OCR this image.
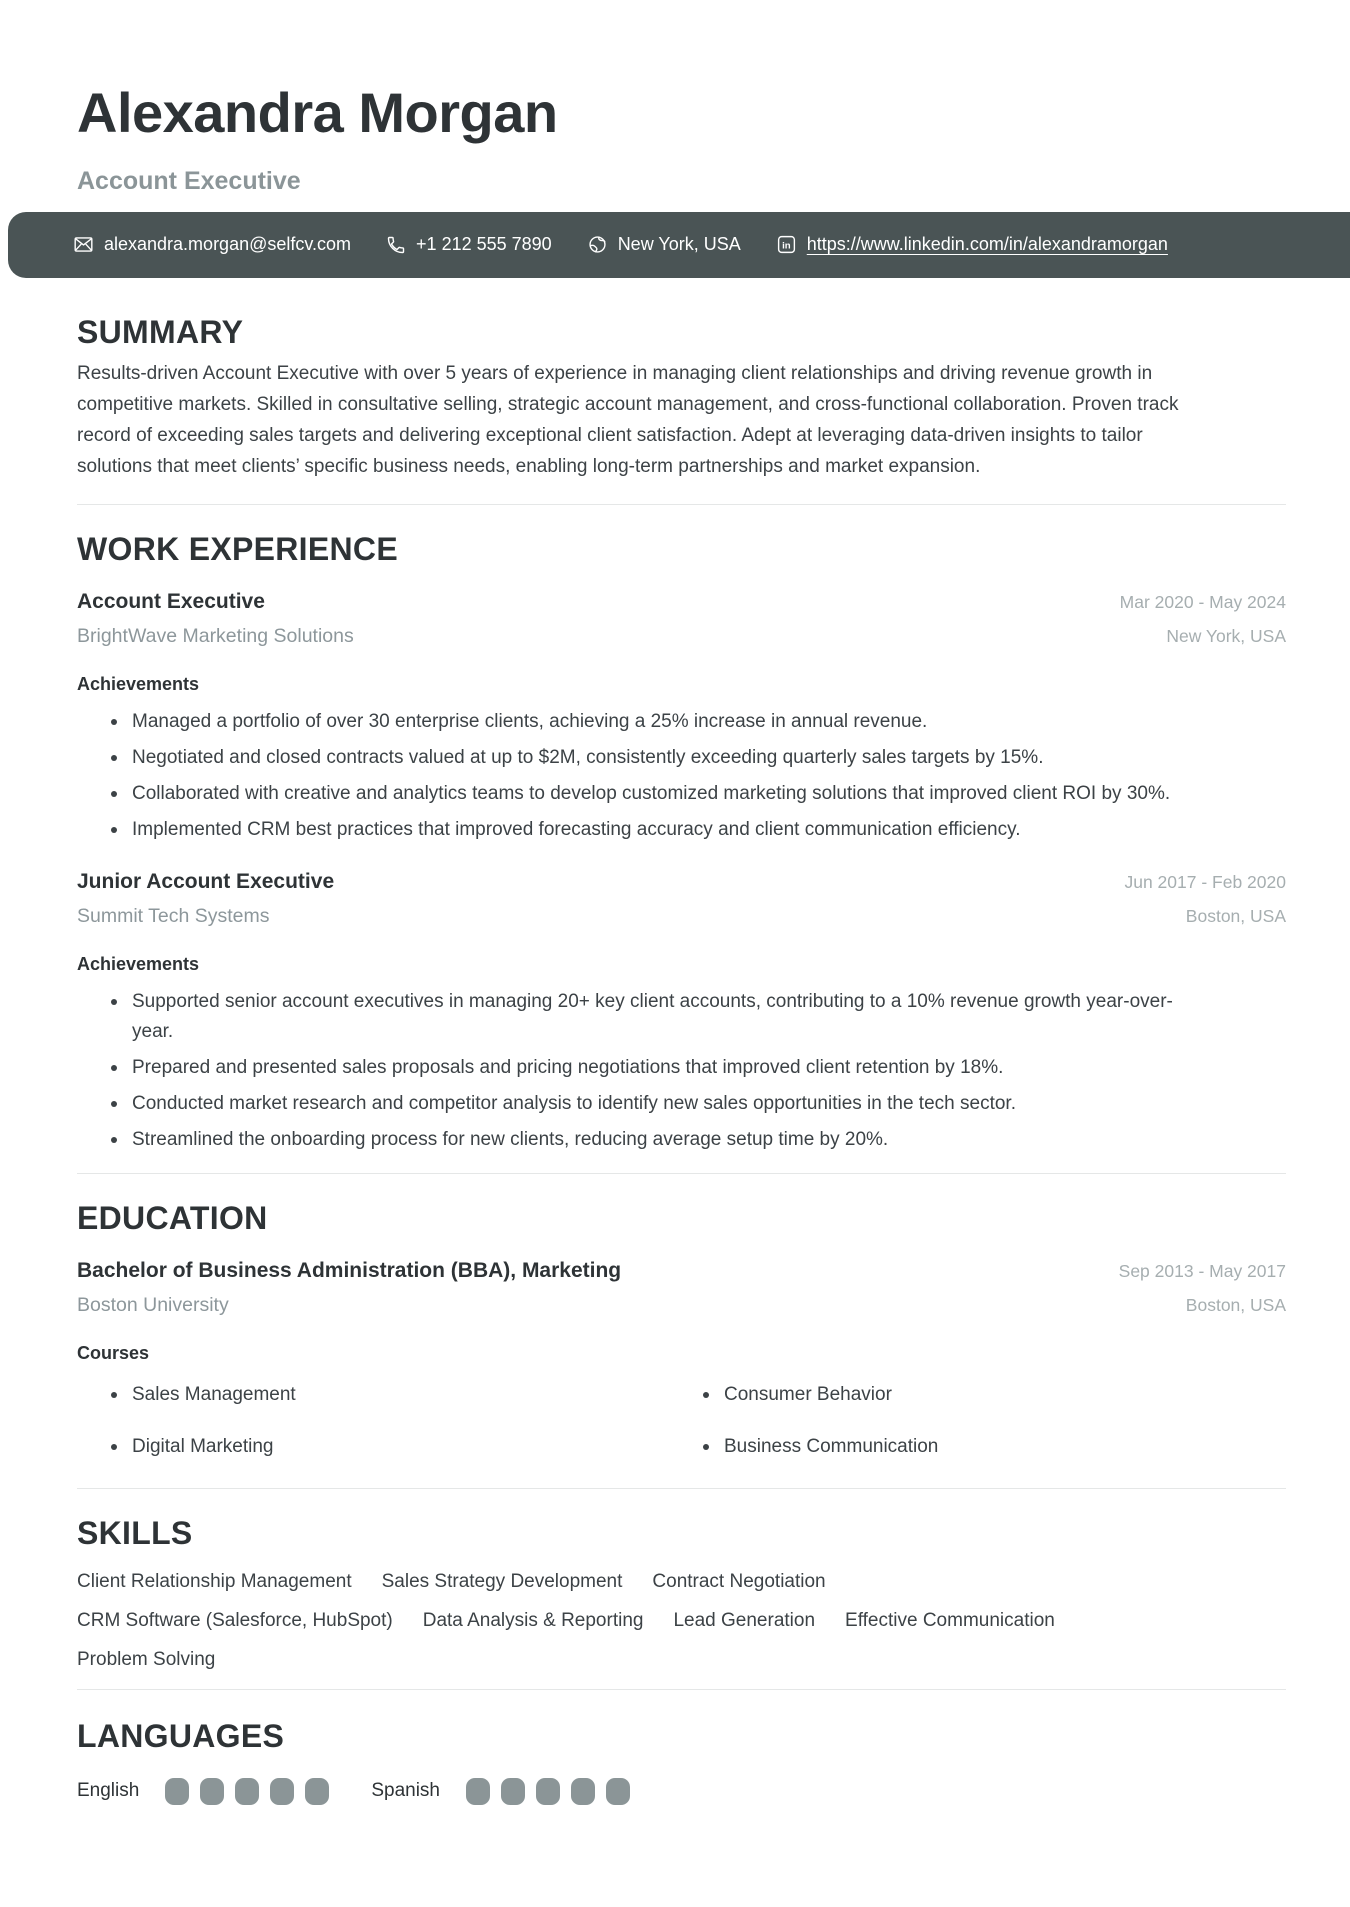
Alexandra Morgan
Account Executive
alexandra.morgan@selfcv.com	+1 212 555 7890	New York, USA	in https://www.linkedin.com/in/alexandramorgan
SUMMARY

Results-driven Account Executive with over 5 years of experience in managing client relationships and driving revenue growth in competitive markets. Skilled in consultative selling, strategic account management, and cross-functional collaboration. Proven track record of exceeding sales targets and delivering exceptional client satisfaction. Adept at leveraging data-driven insights to tailor solutions that meet clients’ specific business needs, enabling long-term partnerships and market expansion.

WORK EXPERIENCE
Account Executive
BrightWave Marketing Solutions
Mar 2020 - May 2024
New York, USA
Achievements
Managed a portfolio of over 30 enterprise clients, achieving a 25% increase in annual revenue.
Negotiated and closed contracts valued at up to $2M, consistently exceeding quarterly sales targets by 15%.
Collaborated with creative and analytics teams to develop customized marketing solutions that improved client ROI by 30%.
Implemented CRM best practices that improved forecasting accuracy and client communication efficiency.
Junior Account Executive
Summit Tech Systems
Jun 2017 - Feb 2020
Boston, USA
Achievements
Supported senior account executives in managing 20+ key client accounts, contributing to a 10% revenue growth year-over-year.
Prepared and presented sales proposals and pricing negotiations that improved client retention by 18%.
Conducted market research and competitor analysis to identify new sales opportunities in the tech sector.
Streamlined the onboarding process for new clients, reducing average setup time by 20%.
EDUCATION
Bachelor of Business Administration (BBA), Marketing
Boston University
Sep 2013 - May 2017
Boston, USA
Courses
Sales Management	Consumer Behavior
Digital Marketing	Business Communication
SKILLS
Client Relationship Management Sales Strategy Development Contract Negotiation
CRM Software (Salesforce, HubSpot) Data Analysis & Reporting Lead Generation Effective Communication
Problem Solving
LANGUAGES
English	Spanish
